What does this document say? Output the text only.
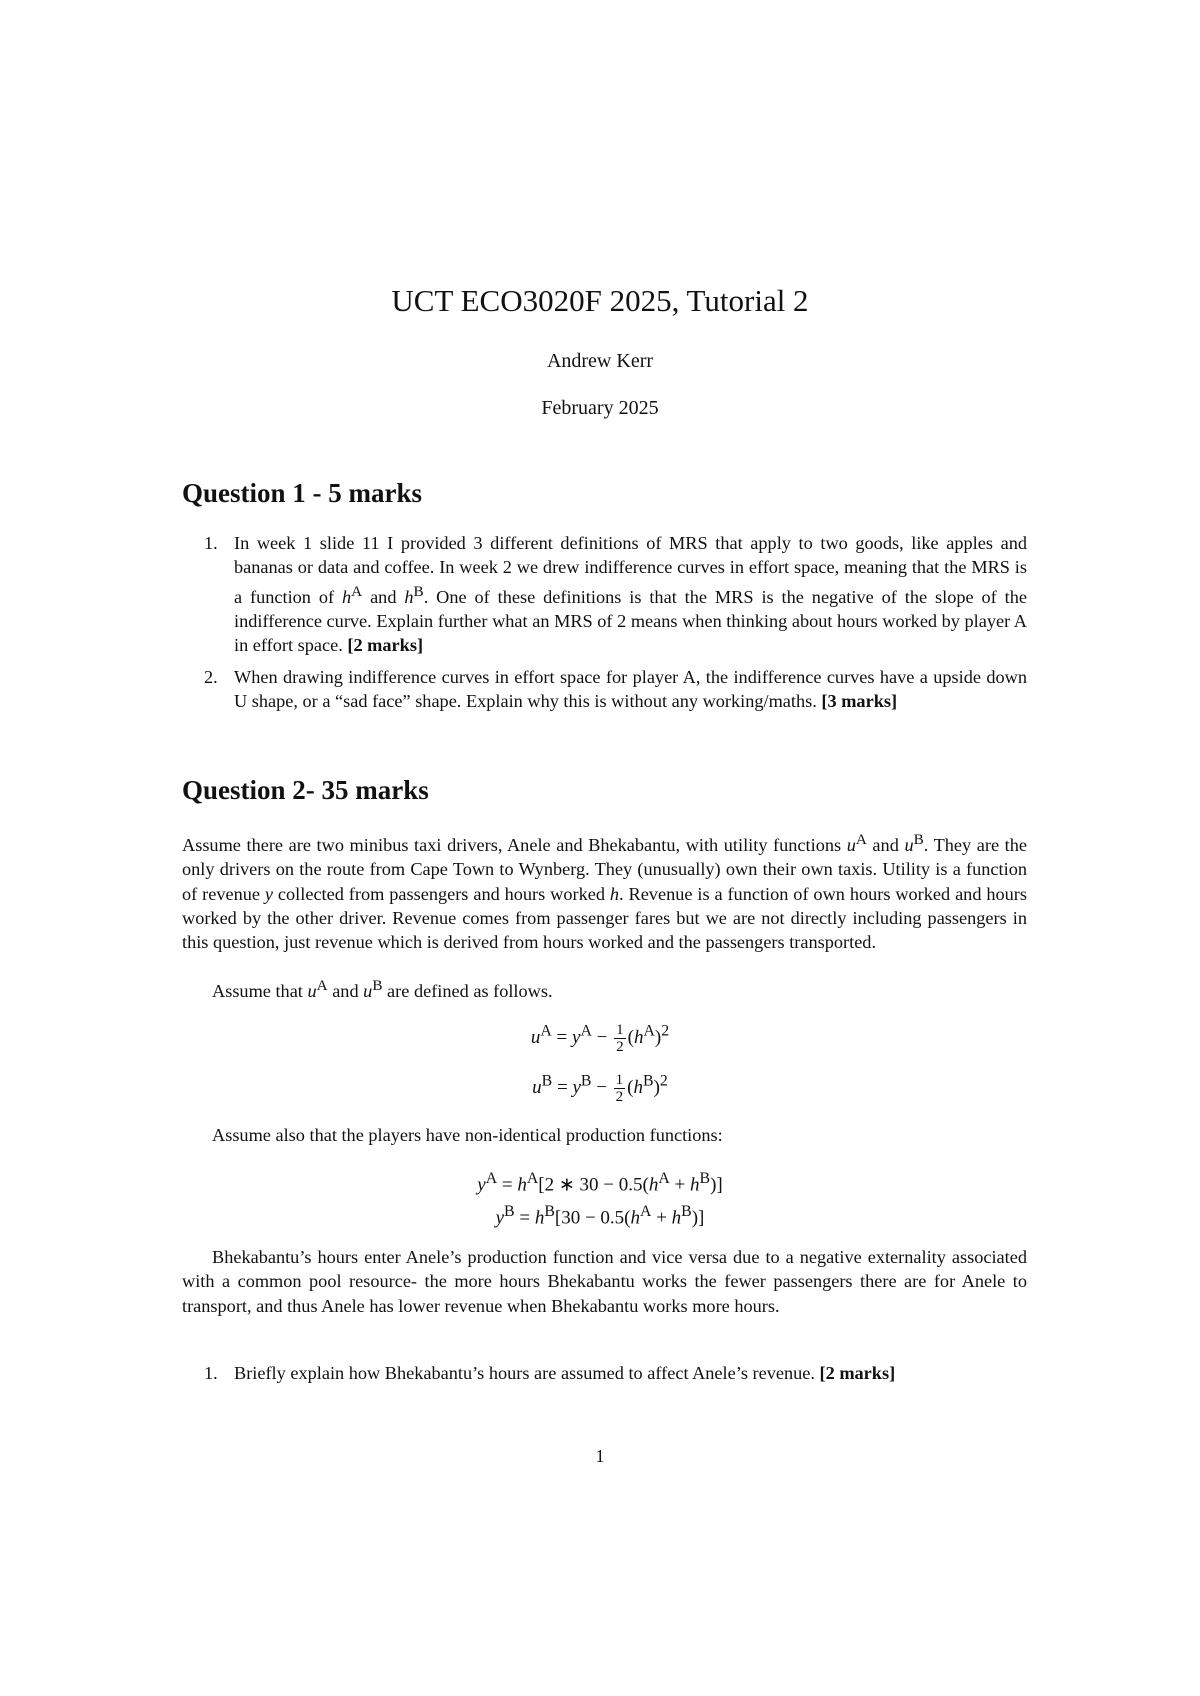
UCT ECO3020F 2025, Tutorial 2
Andrew Kerr
February 2025
Question 1 - 5 marks
1. In week 1 slide 11 I provided 3 different definitions of MRS that apply to two goods, like apples and bananas or data and coffee. In week 2 we drew indifference curves in effort space, meaning that the MRS is a function of $h^A$ and $h^B$. One of these definitions is that the MRS is the negative of the slope of the indifference curve. Explain further what an MRS of 2 means when thinking about hours worked by player A in effort space. [2 marks]
2. When drawing indifference curves in effort space for player A, the indifference curves have a upside down U shape, or a “sad face” shape. Explain why this is without any working/maths. [3 marks]
Question 2- 35 marks
Assume there are two minibus taxi drivers, Anele and Bhekabantu, with utility functions $u^A$ and $u^B$. They are the only drivers on the route from Cape Town to Wynberg. They (unusually) own their own taxis. Utility is a function of revenue y collected from passengers and hours worked h. Revenue is a function of own hours worked and hours worked by the other driver. Revenue comes from passenger fares but we are not directly including passengers in this question, just revenue which is derived from hours worked and the passengers transported.
Assume that $u^A$ and $u^B$ are defined as follows.
$u^A = y^A - \frac{1}{2} (h^A)^2$
$u^B = y^B - \frac{1}{2} (h^B)^2$
Assume also that the players have non-identical production functions:
$y^A = h^A[2$ ∗ $30 - 0.5(h^A + h^B)$]
$y^B = h^B[30 - 0.5(h^A + h^B)]$
Bhekabantu’s hours enter Anele’s production function and vice versa due to a negative externality associated with a common pool resource- the more hours Bhekabantu works the fewer passengers there are for Anele to transport, and thus Anele has lower revenue when Bhekabantu works more hours.
1. Briefly explain how Bhekabantu’s hours are assumed to affect Anele’s revenue. [2 marks]
1
